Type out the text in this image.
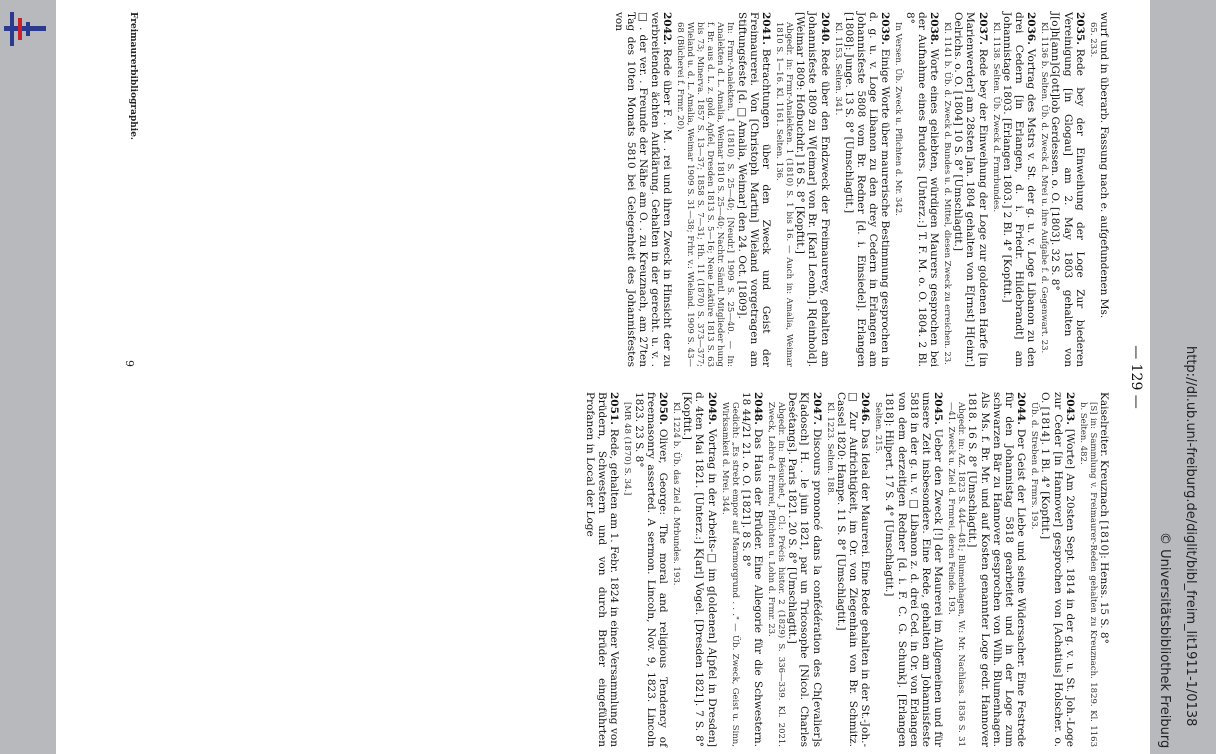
— 129 —
wurf und in überarb. Fassung nach e. aufgefundenen Ms.
65. 233.
2035.Rede bey der Einweihung der Loge Zur biederen Vereinigung [in Glogau] am 2. May 1803 gehalten von J[o]h[ann]G[ott]lob Gerdessen. o. O. [1803]. 32 S. 8°
Kl. 1136 b. Selten. Üb. d. Zweck d. Mrei u. ihre Aufgabe f. d. Gegenwart. 23.
2036.Vortrag des Mstrs v. St. der g. u. v. Loge Libanon zu den drei Cedern [in Erlangen, d. i. Friedr. Hildebrandt] am Johannistage 1803. [Erlangen 1803.] 2 Bl. 4° [Kopftit.]
Kl. 1138. Selten. Üb. Zweck d. Frmrbundes.
2037.Rede bey der Einweihung der Loge zur goldenen Harfe [in Marienwerder] am 28sten Jan. 1804 gehalten von E[rnst] H[einr.] Oelrichs. o. O. [1804] 10 S. 8° [Umschlagtit.]
Kl. 1141 b. Üb. d. Zweck d. Bundes u. d. Mittel, diesen Zweck zu erreichen. 23.
2038.Worte eines geliebten, würdigen Maurers gesprochen bei der Aufnahme eines Bruders. [Unterz.:] T. F. M. o. O. 1804. 2 Bl. 8°
In Versen. Üb. Zweck u. Pflichten d. Mr. 342.
2039.Einige Worte über maurerische Bestimmung gesprochen in d. g. u. v. Loge Libanon zu den drey Cedern in Erlangen am Johannisfeste 5808 vom Br. Redner [d. i. Einsiedel]. Erlangen [1808]: Junge. 13 S. 8° [Umschlagtit.]
Kl. 1153. Selten. 341.
2040.Rede über den Endzweck der Freimaurerey, gehalten am Johannisfeste 1809 zu W[eimar] von Br. [Karl Leonh.] R[einhold]. [Weimar 1809: Hofbuchdr.] 16 S. 8° [Kopftit.]
Abgedr. in: Frmr-Analekten. 1 (1810) S. 1 bis 16. — Auch in: Amalia, Weimar 1810 S. 1—16. Kl. 1161. Selten. 136.
2041.Betrachtungen über den Zweck und Geist der Freimaurerei. Von [Christoph Martin] Wieland vorgetragen am Stiftungsfeste [d. □ Amalia, Weimar] den 24. Oct. [1809].
In: Frmr-Analekten. 1 (1810) S. 25—40; [Neudr.] 1909 S. 25—40. — In: Analekten d. L. Amalia, Weimar 1810 S. 25—40; Nachtr. Sämtl. Mitglieder hung f. Br. aus d. L. z. gold. Apfel, Dresden 1813 S. 5—16; Neue Lektüre 1813 S. 63 bis 73; Minerva. 1857 S. 13—37; 1858 S. 7—31; Hh. 11 (1870) S. 373—377; Wieland u. d. L. Amalia, Weimar 1909 S. 31—38; Frhr. v.: Wieland. 1909 S. 43—68 (Bücherei f. Frmr. 20).
2042.Rede über F. . M. . rei und ihren Zweck in Hinsicht der zu verbreitenden ächten Aufklärung. Gehalten in der gerecht. u. v. . □ . der ver. . Freunde der Nähe am O. . zu Kreuznach, am 27ten Tag des 10ten Monats 5810 bei Gelegenheit des Johannisfestes von
Kaiselreiter. Kreuznach [1810]: Henss. 15 S. 8°
[S] in: Sammlung v. Freimaurer-Reden gehalten zu Kreuznach. 1829. Kl. 1163 b. Selten. 482.
2043.[Worte] Am 20sten Sept. 1814 in der g. v. u. St. Joh.-Loge zur Ceder [in Hannover] gesprochen von [Achatius] Holscher. o. O. [1814]. 1 Bl. 4° [Kopftit.]
Üb. d. Streben d. Frmrs. 193.
2044.Der Geist der Liebe und seine Widersacher. Eine Festrede für den Johannistag 5818 gearbeitet und in der Loge zum schwarzen Bär zu Hannover gesprochen von Wilh. Blumenhagen. Als Ms. f. Br. Mr. und auf Kosten genannter Loge gedr. Hannover 1818. 16 S. 8° [Umschlagtit.]
Abgedr. in: AZ. 1823 S. 444—481; Blumenhagen, W.: Mr. Nachlass. 1836 S. 31—41. Zweck u. Ziel d. Frmrei, deren Feinde. 193.
2045.Ueber den Zweck [!] der Maurerei im Allgemeinen und für unsere Zeit insbesondere. Eine Rede, gehalten am Johannisfeste 5818 in der g. u. v. □ Libanon z. d. drei Ced. in Or. von Erlangen von dem derzeitigen Redner [d. i. F. C. G. Schunk]. [Erlangen 1818]: Hilpert. 17 S. 4° [Umschlagtit.]
Selten. 215.
2046.Das Ideal der Maurerei. Eine Rede gehalten in der St.-Joh.-□ Zur Aufrichtigkeit, im Or. von Ziegenhain von Br. Schmitz. Cassel 1820: Hampe. 11 S. 8° [Umschlagtit.]
Kl. 1223. Selten. 188.
2047.Discours prononcé dans la confédération des Ch[evalier]s K[adosch] H. . le juin 1821, par un Tricosophe [Nicol. Charles Desétangs]. Paris 1821. 20 S. 8° [Umschlagtit.]
Abgedr. in: Bésuchet, J. Cl.: Précis histor. 2 (1829) S. 336—339. Kl. 2021. Zweck, Lehre d. Frmrei, Pflichten u. Lohn d. Frmr. 23.
2048.Das Haus der Brüder. Eine Allegorie für die Schwestern. 18 44/21 21. o. O. [1821]. 8 S. 8°
Gedicht: „Es strebt empor auf Marmorgrund . . ." — Üb. Zweck, Geist u. Sinn, Wirksamkeit d. Mrei. 344.
2049.Vortrag in der Arbeits-□ im g[oldenen] A[pfel in Dresden] d. 4ten Mai 1821. [Unterz.:] K[arl] Vogel. [Dresden 1821]. 7 S. 8° [Kopftit.]
Kl. 1224 b. Üb. das Ziel d. Mrbundes. 193.
2050.Oliver, George: The moral and religious Tendency of freemasonry asserted. A sermon. Lincoln, Nov. 9, 1823. Lincoln 1823. 23 S. 8°
[MR 48 (1870) S. 34.]
2051.Rede, gehalten am 1. Febr. 1824 in einer Versammlung von Brüdern, Schwestern und von durch Brüder eingeführten Profanen in Local der Loge
Freimaurerbibliographie.
9	http://dl.ub.uni-freiburg.de/diglit/bibl_freim_lit1911-1/0138
© Universitätsbibliothek Freiburg
